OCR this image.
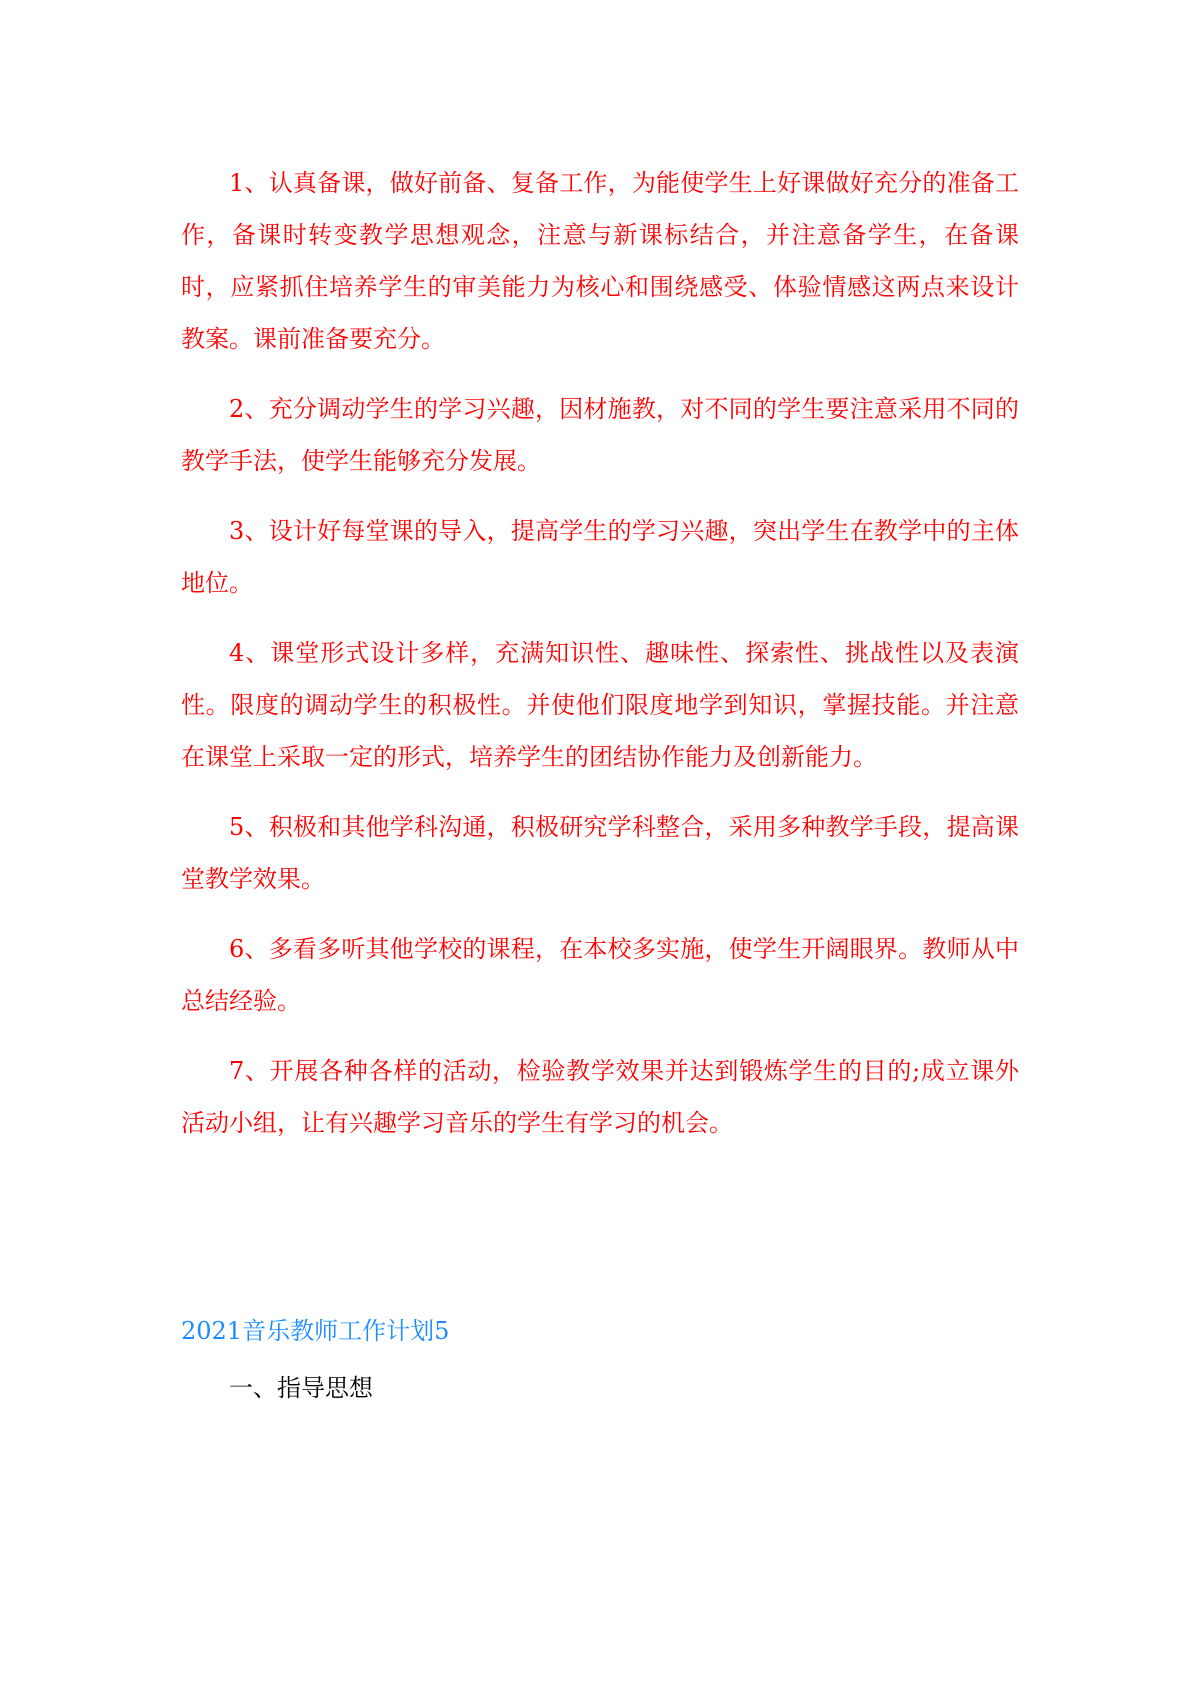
1、认真备课，做好前备、复备工作，为能使学生上好课做好充分的准备工作，备课时转变教学思想观念，注意与新课标结合，并注意备学生，在备课时，应紧抓住培养学生的审美能力为核心和围绕感受、体验情感这两点来设计教案。课前准备要充分。

2、充分调动学生的学习兴趣，因材施教，对不同的学生要注意采用不同的教学手法，使学生能够充分发展。

3、设计好每堂课的导入，提高学生的学习兴趣，突出学生在教学中的主体地位。

4、课堂形式设计多样，充满知识性、趣味性、探索性、挑战性以及表演性。限度的调动学生的积极性。并使他们限度地学到知识，掌握技能。并注意在课堂上采取一定的形式，培养学生的团结协作能力及创新能力。

5、积极和其他学科沟通，积极研究学科整合，采用多种教学手段，提高课堂教学效果。

6、多看多听其他学校的课程，在本校多实施，使学生开阔眼界。教师从中总结经验。

7、开展各种各样的活动，检验教学效果并达到锻炼学生的目的;成立课外活动小组，让有兴趣学习音乐的学生有学习的机会。

2021音乐教师工作计划5
一、指导思想
